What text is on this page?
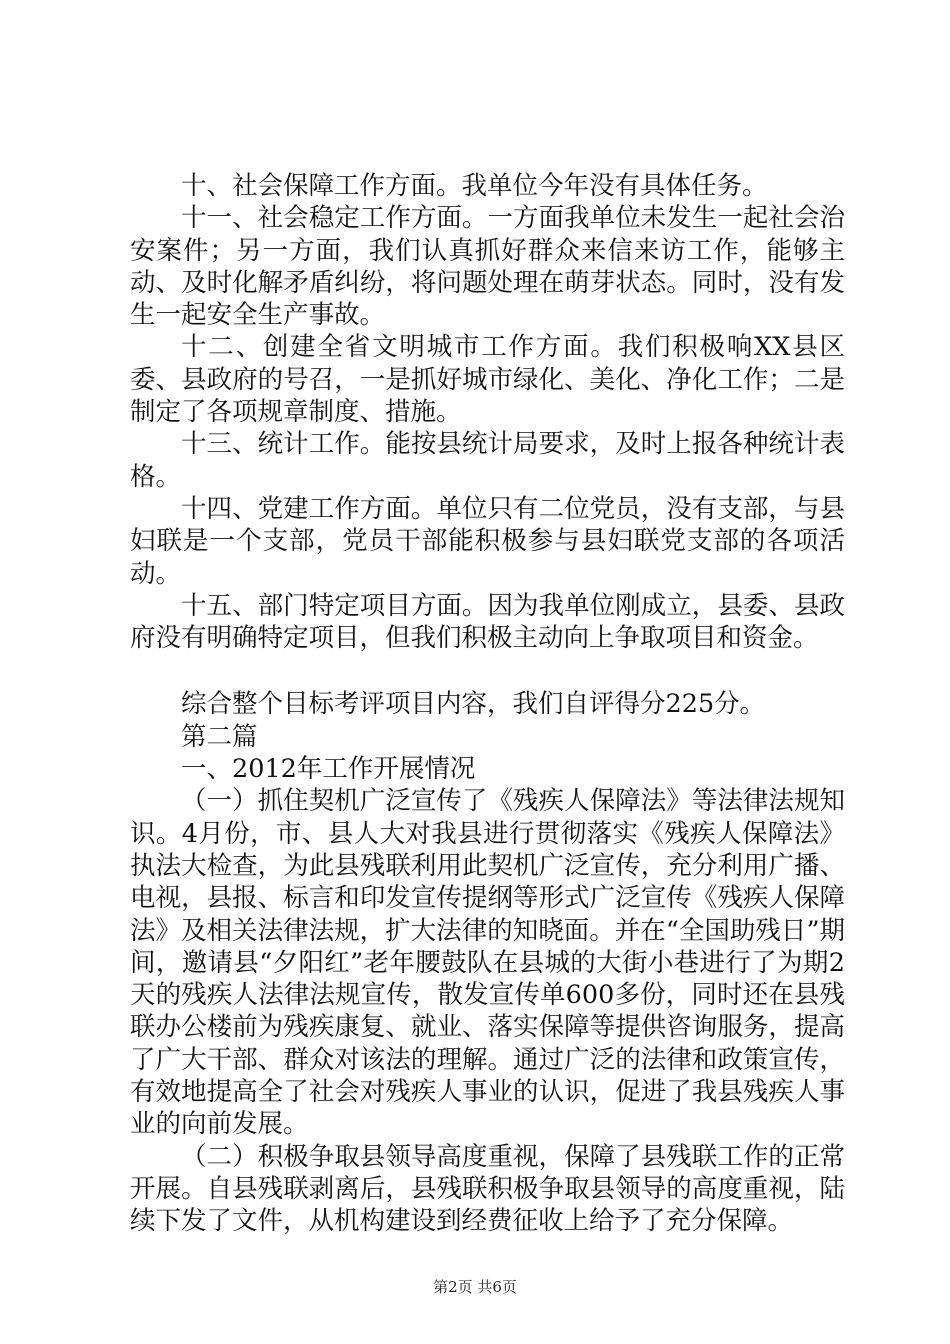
十、社会保障工作方面。我单位今年没有具体任务。

十一、社会稳定工作方面。一方面我单位未发生一起社会治安案件；另一方面，我们认真抓好群众来信来访工作，能够主动、及时化解矛盾纠纷，将问题处理在萌芽状态。同时，没有发生一起安全生产事故。

十二、创建全省文明城市工作方面。我们积极响XX县区委、县政府的号召，一是抓好城市绿化、美化、净化工作；二是制定了各项规章制度、措施。

十三、统计工作。能按县统计局要求，及时上报各种统计表格。

十四、党建工作方面。单位只有二位党员，没有支部，与县妇联是一个支部，党员干部能积极参与县妇联党支部的各项活动。

十五、部门特定项目方面。因为我单位刚成立，县委、县政府没有明确特定项目，但我们积极主动向上争取项目和资金。

综合整个目标考评项目内容，我们自评得分225分。

第二篇

一、2012年工作开展情况

（一）抓住契机广泛宣传了《残疾人保障法》等法律法规知识。4月份，市、县人大对我县进行贯彻落实《残疾人保障法》执法大检查，为此县残联利用此契机广泛宣传，充分利用广播、电视，县报、标言和印发宣传提纲等形式广泛宣传《残疾人保障法》及相关法律法规，扩大法律的知晓面。并在“全国助残日”期间，邀请县“夕阳红”老年腰鼓队在县城的大街小巷进行了为期2天的残疾人法律法规宣传，散发宣传单600多份，同时还在县残联办公楼前为残疾康复、就业、落实保障等提供咨询服务，提高了广大干部、群众对该法的理解。通过广泛的法律和政策宣传，有效地提高全了社会对残疾人事业的认识，促进了我县残疾人事业的向前发展。

（二）积极争取县领导高度重视，保障了县残联工作的正常开展。自县残联剥离后，县残联积极争取县领导的高度重视，陆续下发了文件，从机构建设到经费征收上给予了充分保障。

第2页 共6页
